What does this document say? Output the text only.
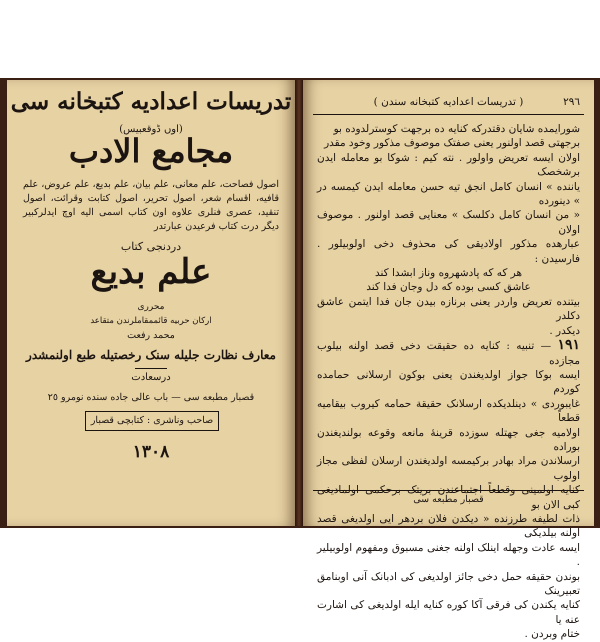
تدریسات اعدادیه کتبخانه سی
(اوں ڈوقعبیس)
مجامع الادب
اصول فصاحت، علم معانی، علم بیان، علم بدیع، علم عروض، علم قافیه، اقسام شعر، اصول تحریر، اصول کتابت وقرائت، اصول تنقید، عصری فنلری علاوه اون کتاب اسمی الیه اوچ ایدلرکبیر دیگر درت کتاب فرعیدن عبارتدر
دردنجی کتاب
علم بدیع
محرری
ارکان حربیه قائممقاملرندن متقاعد
محمد رفعت
معارف نظارت جلیله سنک رخصتیله طبع اولنمشدر
درسعادت
قصبار مطبعه سی — باب عالی جاده سنده نومرو ٢٥
صاحب وناشری : کتابچی قصبار
١٣٠٨
٢٩٦
( تدریسات اعدادیه کتبخانه سندن )

شورایمده شایان دقتدرکه کنایه ده برجهت کوسترلدوده بو

برجهتی قصد اولنور یعنی صفتک موصوف مذکور وخود مقدر

اولان ایسه تعریض واولور . نته کیم : شوکا بو معامله ایدن برشخصک

یاننده » انسان کامل انجق تیه حسن معامله ایدن کیمسه در » دینورده

« من انسان کامل دکلسک » معنایی قصد اولنور . موصوف اولان

عبارهده مذکور اولادیقی کی محذوف دخی اولوبیلور . فارسیدن :

هر که که پادشهروه وناز ابشدا کند

عاشق کسی بوده که دل وجان فدا کند

بیتنده تعریض واردر یعنی برنازه بیدن جان فدا ایتمن عاشق دکلدر

دیکدر .

١٩١ — تنبیه : کنایه ده حقیقت دخی قصد اولنه بیلوب مجازده

ایسه بوکا جواز اولدیغندن یعنی بوکون ارسلانی حمامده کوردم

غایبوردی » دینلدیکده ارسلانک حقیقة حمامه کیروب بیقامیه قطعاً

اولامیه جغی جهتله سوزده قرینهٔ مانعه وقوعه بولندیغندن بوراده

ارسلاندن مراد بهادر برکیمسه اولدیغندن ارسلان لفظی مجاز اولوب

کنایه اولمینی وقطعاً اجتماعندن بریتک برحکمی اولمادیغی کبی الان بو

ذات لطیفه طرزنده « دیکدن فلان بردهر ایی اولدیغی قصد اولنه بیلدیکی

ایسه عادت وجهله اینلک اولنه جغنی مسبوق ومفهوم اولوبیلیر .

بوندن حقیقه حمل دخی جائز اولدیغی کی ادبانک آنی اوبنامق تعبیرینک

کنایه یکندن کی فرقی آکا کوره کنایه ایله اولدیغی کی اشارت عنه یا

ختام وبردن .

قصبار مطبعه سی
